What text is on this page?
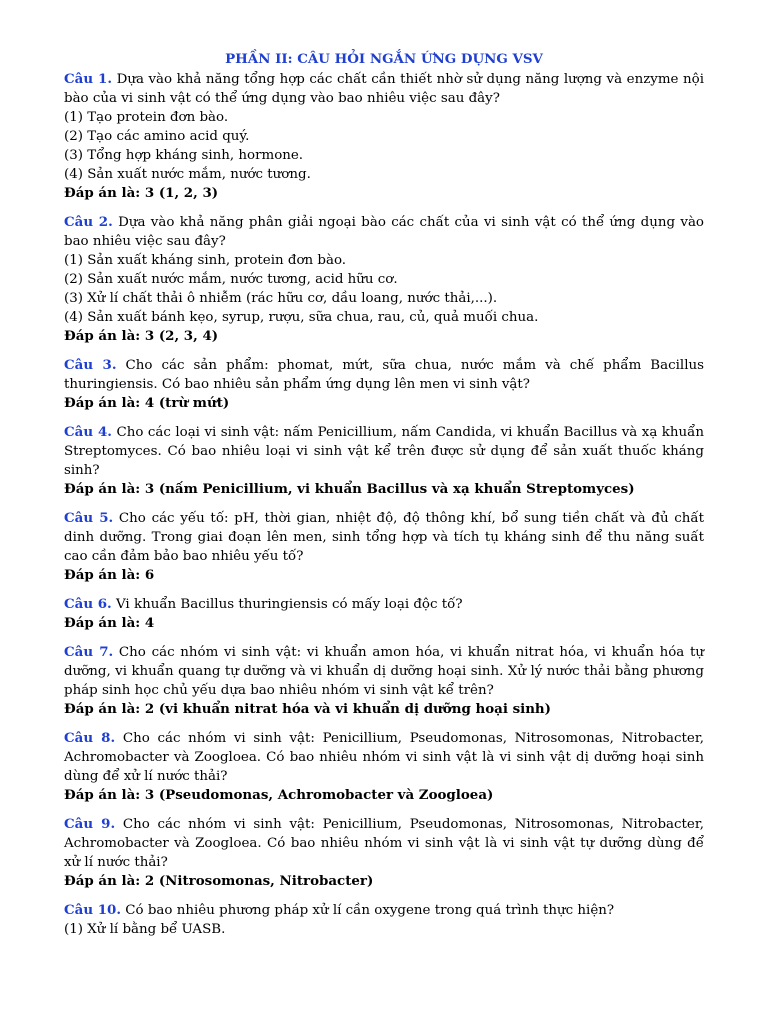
PHẦN II: CÂU HỎI NGẮN ỨNG DỤNG VSV
Câu 1. Dựa vào khả năng tổng hợp các chất cần thiết nhờ sử dụng năng lượng và enzyme nội bào của vi sinh vật có thể ứng dụng vào bao nhiêu việc sau đây?
(1) Tạo protein đơn bào.
(2) Tạo các amino acid quý.
(3) Tổng hợp kháng sinh, hormone.
(4) Sản xuất nước mắm, nước tương.
Đáp án là: 3 (1, 2, 3)
Câu 2. Dựa vào khả năng phân giải ngoại bào các chất của vi sinh vật có thể ứng dụng vào bao nhiêu việc sau đây?
(1) Sản xuất kháng sinh, protein đơn bào.
(2) Sản xuất nước mắm, nước tương, acid hữu cơ.
(3) Xử lí chất thải ô nhiễm (rác hữu cơ, dầu loang, nước thải,...).
(4) Sản xuất bánh kẹo, syrup, rượu, sữa chua, rau, củ, quả muối chua.
Đáp án là: 3 (2, 3, 4)
Câu 3. Cho các sản phẩm: phomat, mứt, sữa chua, nước mắm và chế phẩm Bacillus thuringiensis. Có bao nhiêu sản phẩm ứng dụng lên men vi sinh vật?
Đáp án là: 4 (trừ mứt)
Câu 4. Cho các loại vi sinh vật: nấm Penicillium, nấm Candida, vi khuẩn Bacillus và xạ khuẩn Streptomyces. Có bao nhiêu loại vi sinh vật kể trên được sử dụng để sản xuất thuốc kháng sinh?
Đáp án là: 3 (nấm Penicillium, vi khuẩn Bacillus và xạ khuẩn Streptomyces)
Câu 5. Cho các yếu tố: pH, thời gian, nhiệt độ, độ thông khí, bổ sung tiền chất và đủ chất dinh dưỡng. Trong giai đoạn lên men, sinh tổng hợp và tích tụ kháng sinh để thu năng suất cao cần đảm bảo bao nhiêu yếu tố?
Đáp án là: 6
Câu 6. Vi khuẩn Bacillus thuringiensis có mấy loại độc tố?
Đáp án là: 4
Câu 7. Cho các nhóm vi sinh vật: vi khuẩn amon hóa, vi khuẩn nitrat hóa, vi khuẩn hóa tự dưỡng, vi khuẩn quang tự dưỡng và vi khuẩn dị dưỡng hoại sinh. Xử lý nước thải bằng phương pháp sinh học chủ yếu dựa bao nhiêu nhóm vi sinh vật kể trên?
Đáp án là: 2 (vi khuẩn nitrat hóa và vi khuẩn dị dưỡng hoại sinh)
Câu 8. Cho các nhóm vi sinh vật: Penicillium, Pseudomonas, Nitrosomonas, Nitrobacter, Achromobacter và Zoogloea. Có bao nhiêu nhóm vi sinh vật là vi sinh vật dị dưỡng hoại sinh dùng để xử lí nước thải?
Đáp án là: 3 (Pseudomonas, Achromobacter và Zoogloea)
Câu 9. Cho các nhóm vi sinh vật: Penicillium, Pseudomonas, Nitrosomonas, Nitrobacter, Achromobacter và Zoogloea. Có bao nhiêu nhóm vi sinh vật là vi sinh vật tự dưỡng dùng để xử lí nước thải?
Đáp án là: 2 (Nitrosomonas, Nitrobacter)
Câu 10. Có bao nhiêu phương pháp xử lí cần oxygene trong quá trình thực hiện?
(1) Xử lí bằng bể UASB.
